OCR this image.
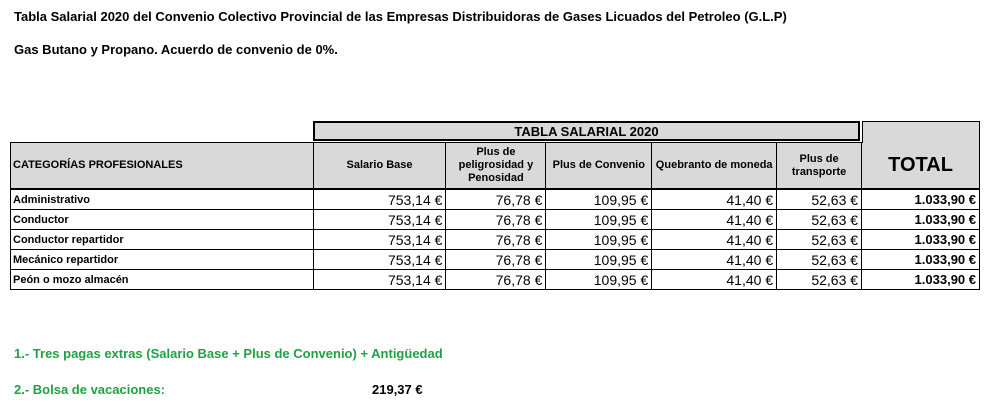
Tabla Salarial 2020 del Convenio Colectivo Provincial de las Empresas Distribuidoras de Gases Licuados del Petroleo (G.L.P)
Gas Butano y Propano. Acuerdo de convenio de 0%.
TABLA SALARIAL 2020
CATEGORÍAS PROFESIONALES	Salario Base	Plus de peligrosidad y Penosidad	Plus de Convenio	Quebranto de moneda	Plus de transporte	TOTAL
Administrativo	753,14 €	76,78 €	109,95 €	41,40 €	52,63 €	1.033,90 €
Conductor	753,14 €	76,78 €	109,95 €	41,40 €	52,63 €	1.033,90 €
Conductor repartidor	753,14 €	76,78 €	109,95 €	41,40 €	52,63 €	1.033,90 €
Mecánico repartidor	753,14 €	76,78 €	109,95 €	41,40 €	52,63 €	1.033,90 €
Peón o mozo almacén	753,14 €	76,78 €	109,95 €	41,40 €	52,63 €	1.033,90 €
1.- Tres pagas extras (Salario Base + Plus de Convenio) + Antigüedad
2.- Bolsa de vacaciones:	219,37 €
